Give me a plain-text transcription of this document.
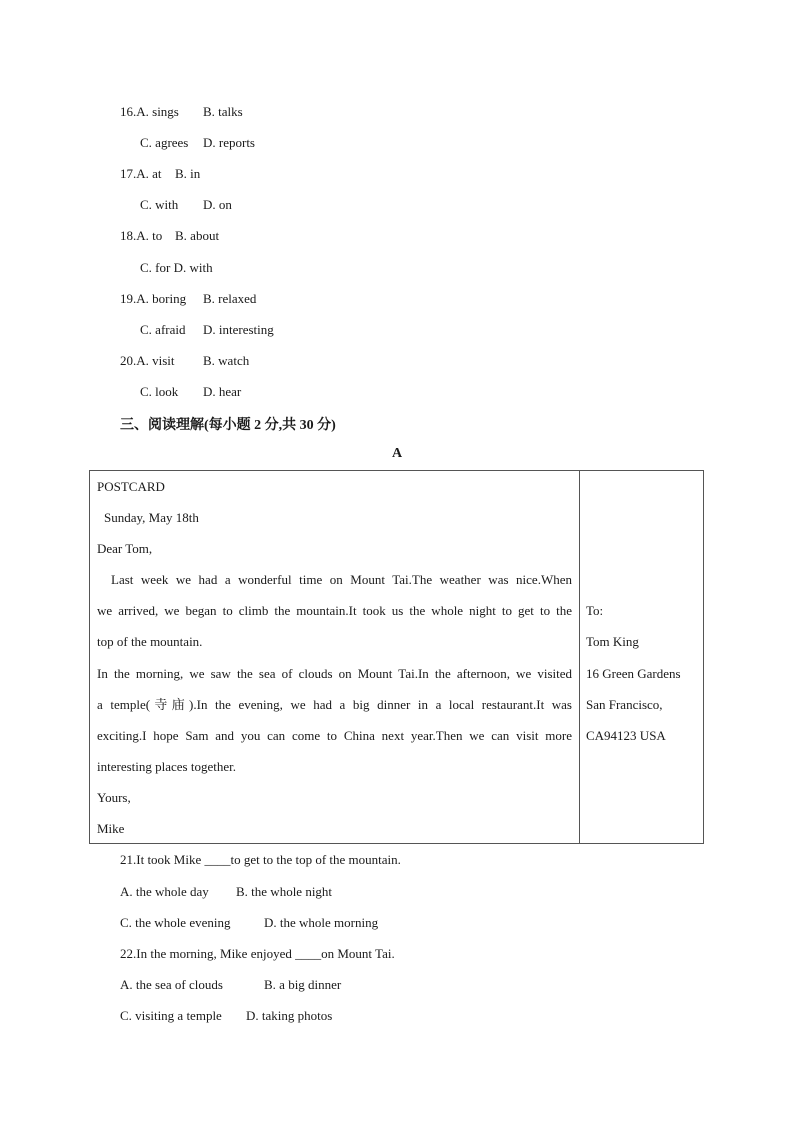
16.A. sings B. talks
C. agrees D. reports
17.A. at B. in
C. with D. on
18.A. to B. about
C. for D. with
19.A. boring B. relaxed
C. afraid D. interesting
20.A. visit B. watch
C. look D. hear
三、阅读理解(每小题 2 分,共 30 分)
A
POSTCARD
Sunday, May 18th
Dear Tom,
Last week we had a wonderful time on Mount Tai.The weather was nice.When
we arrived, we began to climb the mountain.It took us the whole night to get to the
top of the mountain.
In the morning, we saw the sea of clouds on Mount Tai.In the afternoon, we visited
a temple(寺庙).In the evening, we had a big dinner in a local restaurant.It was
exciting.I hope Sam and you can come to China next year.Then we can visit more
interesting places together.
Yours,
Mike
To:
Tom King
16 Green Gardens
San Francisco,
CA94123 USA
21.It took Mike ____to get to the top of the mountain.
A. the whole day B. the whole night
C. the whole evening	D. the whole morning
22.In the morning, Mike enjoyed ____on Mount Tai.
A. the sea of clouds	B. a big dinner
C. visiting a temple D. taking photos
